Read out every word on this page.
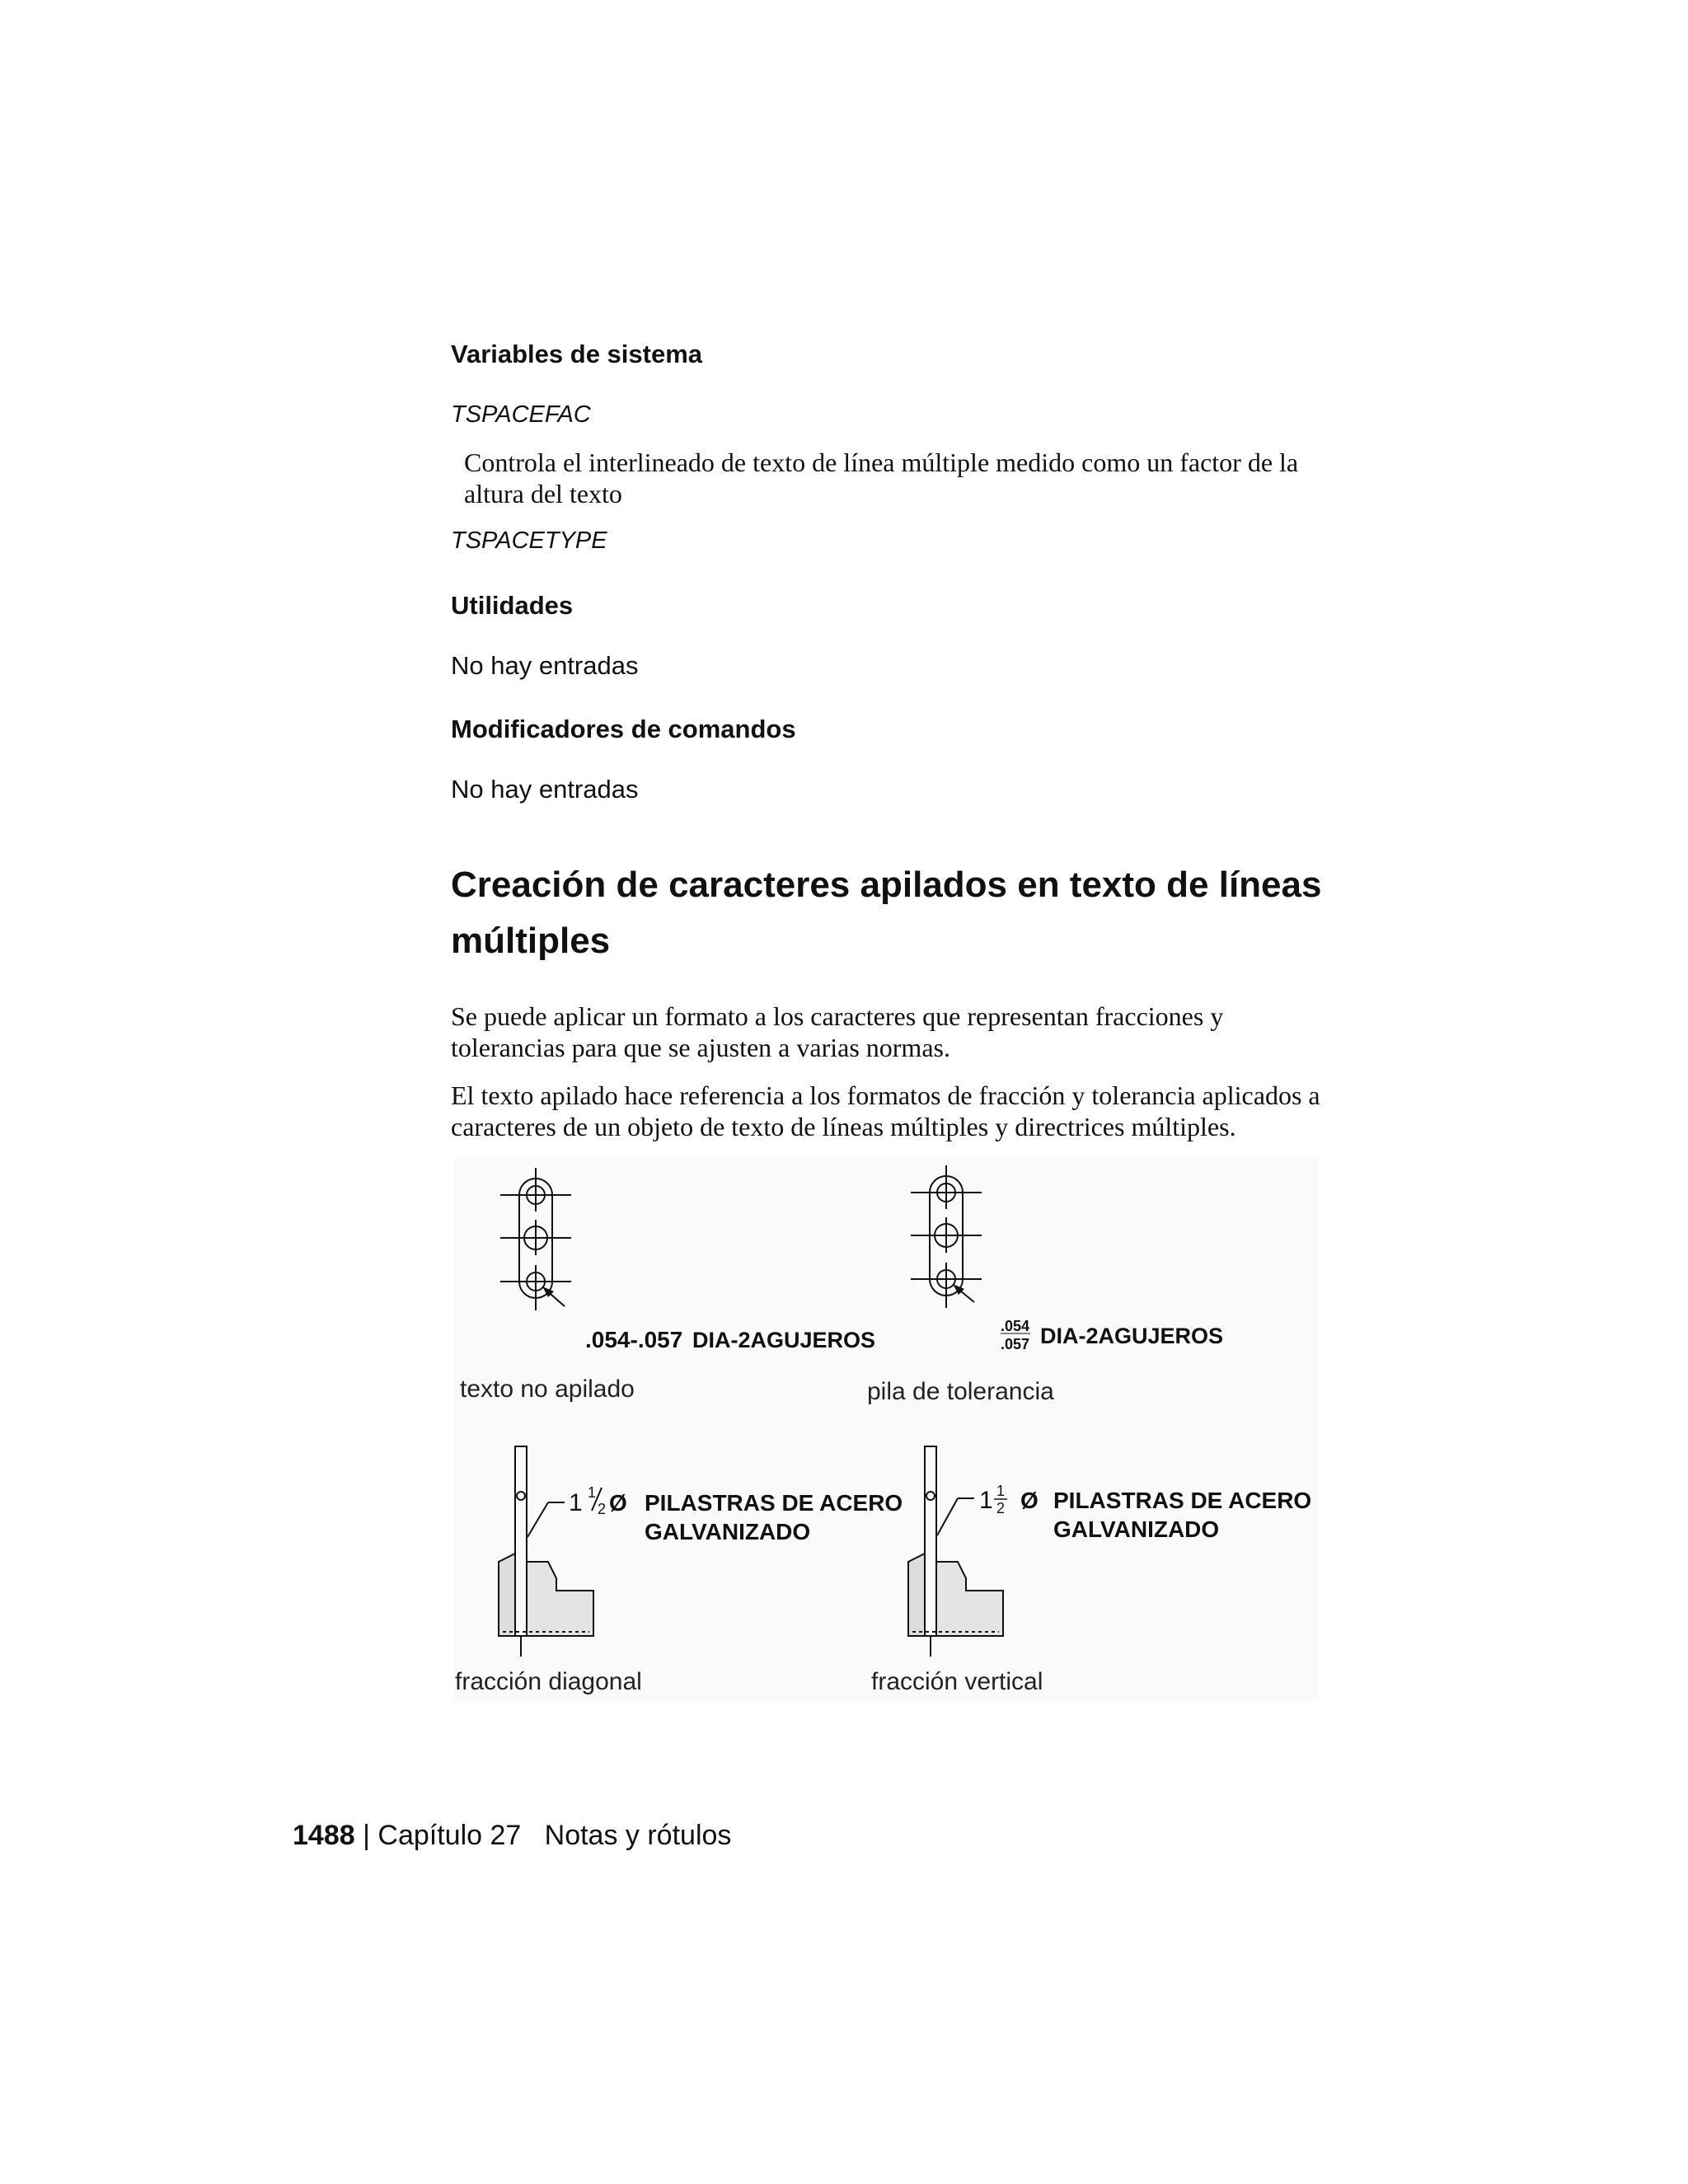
Variables de sistema
TSPACEFAC
Controla el interlineado de texto de línea múltiple medido como un factor de la altura del texto
TSPACETYPE
Utilidades
No hay entradas
Modificadores de comandos
No hay entradas
Creación de caracteres apilados en texto de líneas múltiples
Se puede aplicar un formato a los caracteres que representan fracciones y tolerancias para que se ajusten a varias normas.
El texto apilado hace referencia a los formatos de fracción y tolerancia aplicados a caracteres de un objeto de texto de líneas múltiples y directrices múltiples.
.054-.057 DIA-2AGUJEROS
texto no apilado
.054
.057 DIA-2AGUJEROS
pila de tolerancia
1 1
2 Ø PILASTRAS DE ACERO
GALVANIZADO
fracción diagonal
1 1
2 Ø PILASTRAS DE ACERO
GALVANIZADO
fracción vertical
1488 | Capítulo 27 Notas y rótulos
